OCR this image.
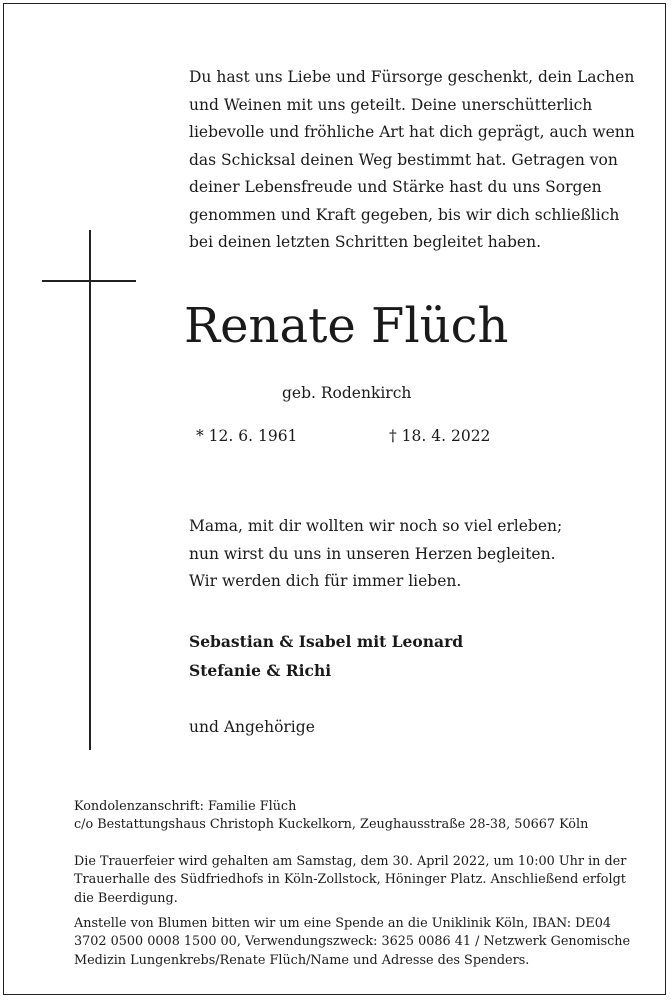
Du hast uns Liebe und Fürsorge geschenkt, dein Lachen
und Weinen mit uns geteilt. Deine unerschütterlich
liebevolle und fröhliche Art hat dich geprägt, auch wenn
das Schicksal deinen Weg bestimmt hat. Getragen von
deiner Lebensfreude und Stärke hast du uns Sorgen
genommen und Kraft gegeben, bis wir dich schließlich
bei deinen letzten Schritten begleitet haben.

Renate Flüch
geb. Rodenkirch
* 12. 6. 1961	† 18. 4. 2022

Mama, mit dir wollten wir noch so viel erleben;
nun wirst du uns in unseren Herzen begleiten.
Wir werden dich für immer lieben.

Sebastian & Isabel mit Leonard
Stefanie & Richi

und Angehörige

Kondolenzanschrift: Familie Flüch
c/o Bestattungshaus Christoph Kuckelkorn, Zeughausstraße 28-38, 50667 Köln

Die Trauerfeier wird gehalten am Samstag, dem 30. April 2022, um 10:00 Uhr in der
Trauerhalle des Südfriedhofs in Köln-Zollstock, Höninger Platz. Anschließend erfolgt
die Beerdigung.

Anstelle von Blumen bitten wir um eine Spende an die Uniklinik Köln, IBAN: DE04
3702 0500 0008 1500 00, Verwendungszweck: 3625 0086 41 / Netzwerk Genomische
Medizin Lungenkrebs/Renate Flüch/Name und Adresse des Spenders.
